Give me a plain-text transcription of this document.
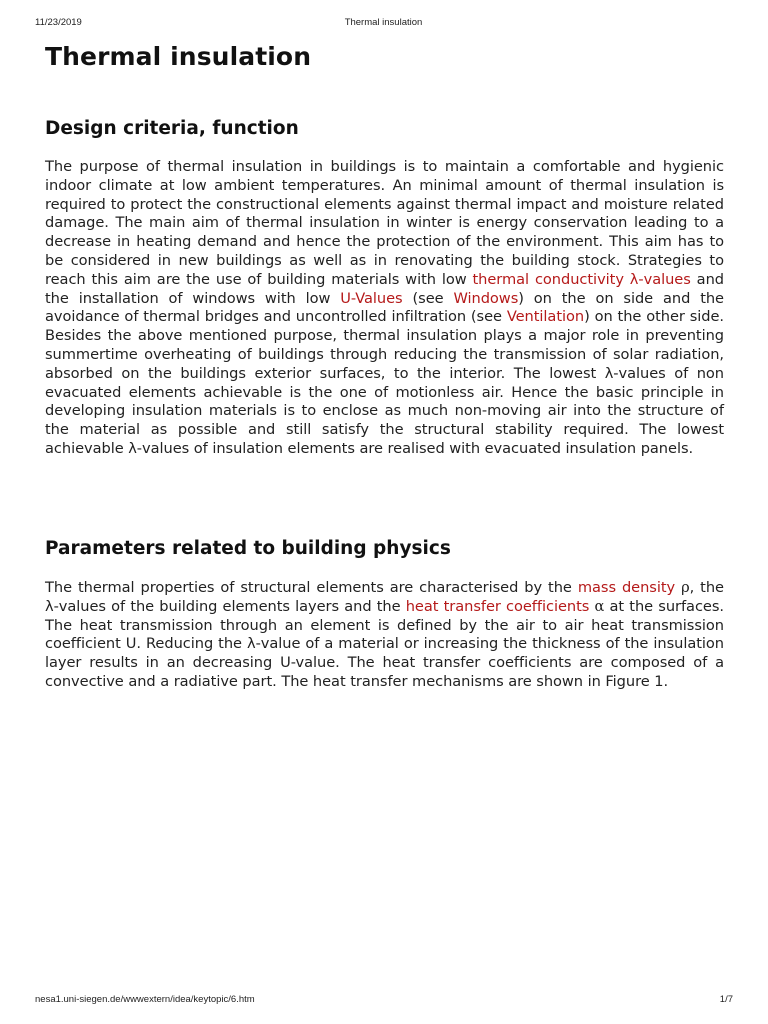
11/23/2019	Thermal insulation
Thermal insulation
Design criteria, function

The purpose of thermal insulation in buildings is to maintain a comfortable and hygienic indoor climate at low ambient temperatures. An minimal amount of thermal insulation is required to protect the constructional elements against thermal impact and moisture related damage. The main aim of thermal insulation in winter is energy conservation leading to a decrease in heating demand and hence the protection of the environment. This aim has to be considered in new buildings as well as in renovating the building stock. Strategies to reach this aim are the use of building materials with low thermal conductivity λ-values and the installation of windows with low U-Values (see Windows) on the on side and the avoidance of thermal bridges and uncontrolled infiltration (see Ventilation) on the other side. Besides the above mentioned purpose, thermal insulation plays a major role in preventing summertime overheating of buildings through reducing the transmission of solar radiation, absorbed on the buildings exterior surfaces, to the interior. The lowest λ-values of non evacuated elements achievable is the one of motionless air. Hence the basic principle in developing insulation materials is to enclose as much non-moving air into the structure of the material as possible and still satisfy the structural stability required. The lowest achievable λ-values of insulation elements are realised with evacuated insulation panels.

Parameters related to building physics

The thermal properties of structural elements are characterised by the mass density ρ, the λ-values of the building elements layers and the heat transfer coefficients α at the surfaces. The heat transmission through an element is defined by the air to air heat transmission coefficient U. Reducing the λ-value of a material or increasing the thickness of the insulation layer results in an decreasing U-value. The heat transfer coefficients are composed of a convective and a radiative part. The heat transfer mechanisms are shown in Figure 1.

nesa1.uni-siegen.de/wwwextern/idea/keytopic/6.htm	1/7
